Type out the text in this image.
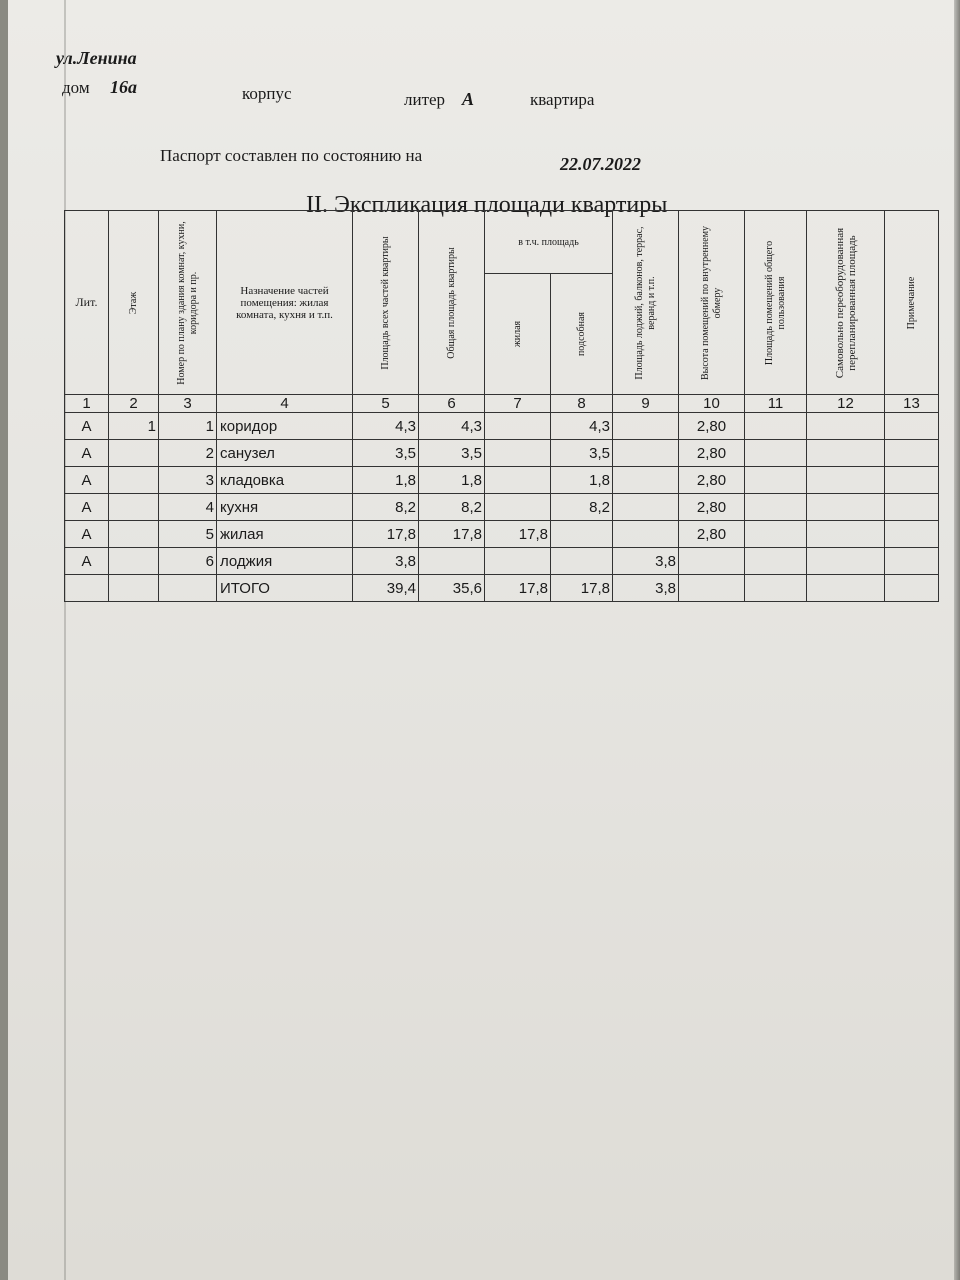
ул.Ленина
дом 16а	корпус	литер А	квартира
Паспорт составлен по состоянию на	22.07.2022
II. Экспликация площади квартиры
Лит.	Этаж	Номер по плану здания комнат, кухни, коридора и пр.	Назначение частей помещения: жилая комната, кухня и т.п.	Площадь всех частей квартиры	Общая площадь квартиры	в т.ч. площадь		Площадь лоджий, балконов, террас, веранд и т.п.	Высота помещений по внутреннему обмеру	Площадь помещений общего пользования	Самовольно переоборудованная перепланированная площадь	Примечание

						жилая	подсобная					

1	2	3	4	5	6	7	8	9	10	11	12	13
А	1	1	коридор	4,3	4,3		4,3		2,80			
А		2	санузел	3,5	3,5		3,5		2,80			
А		3	кладовка	1,8	1,8		1,8		2,80			
А		4	кухня	8,2	8,2		8,2		2,80			
А		5	жилая	17,8	17,8	17,8			2,80			
А		6	лоджия	3,8				3,8				
			ИТОГО	39,4	35,6	17,8	17,8	3,8				
